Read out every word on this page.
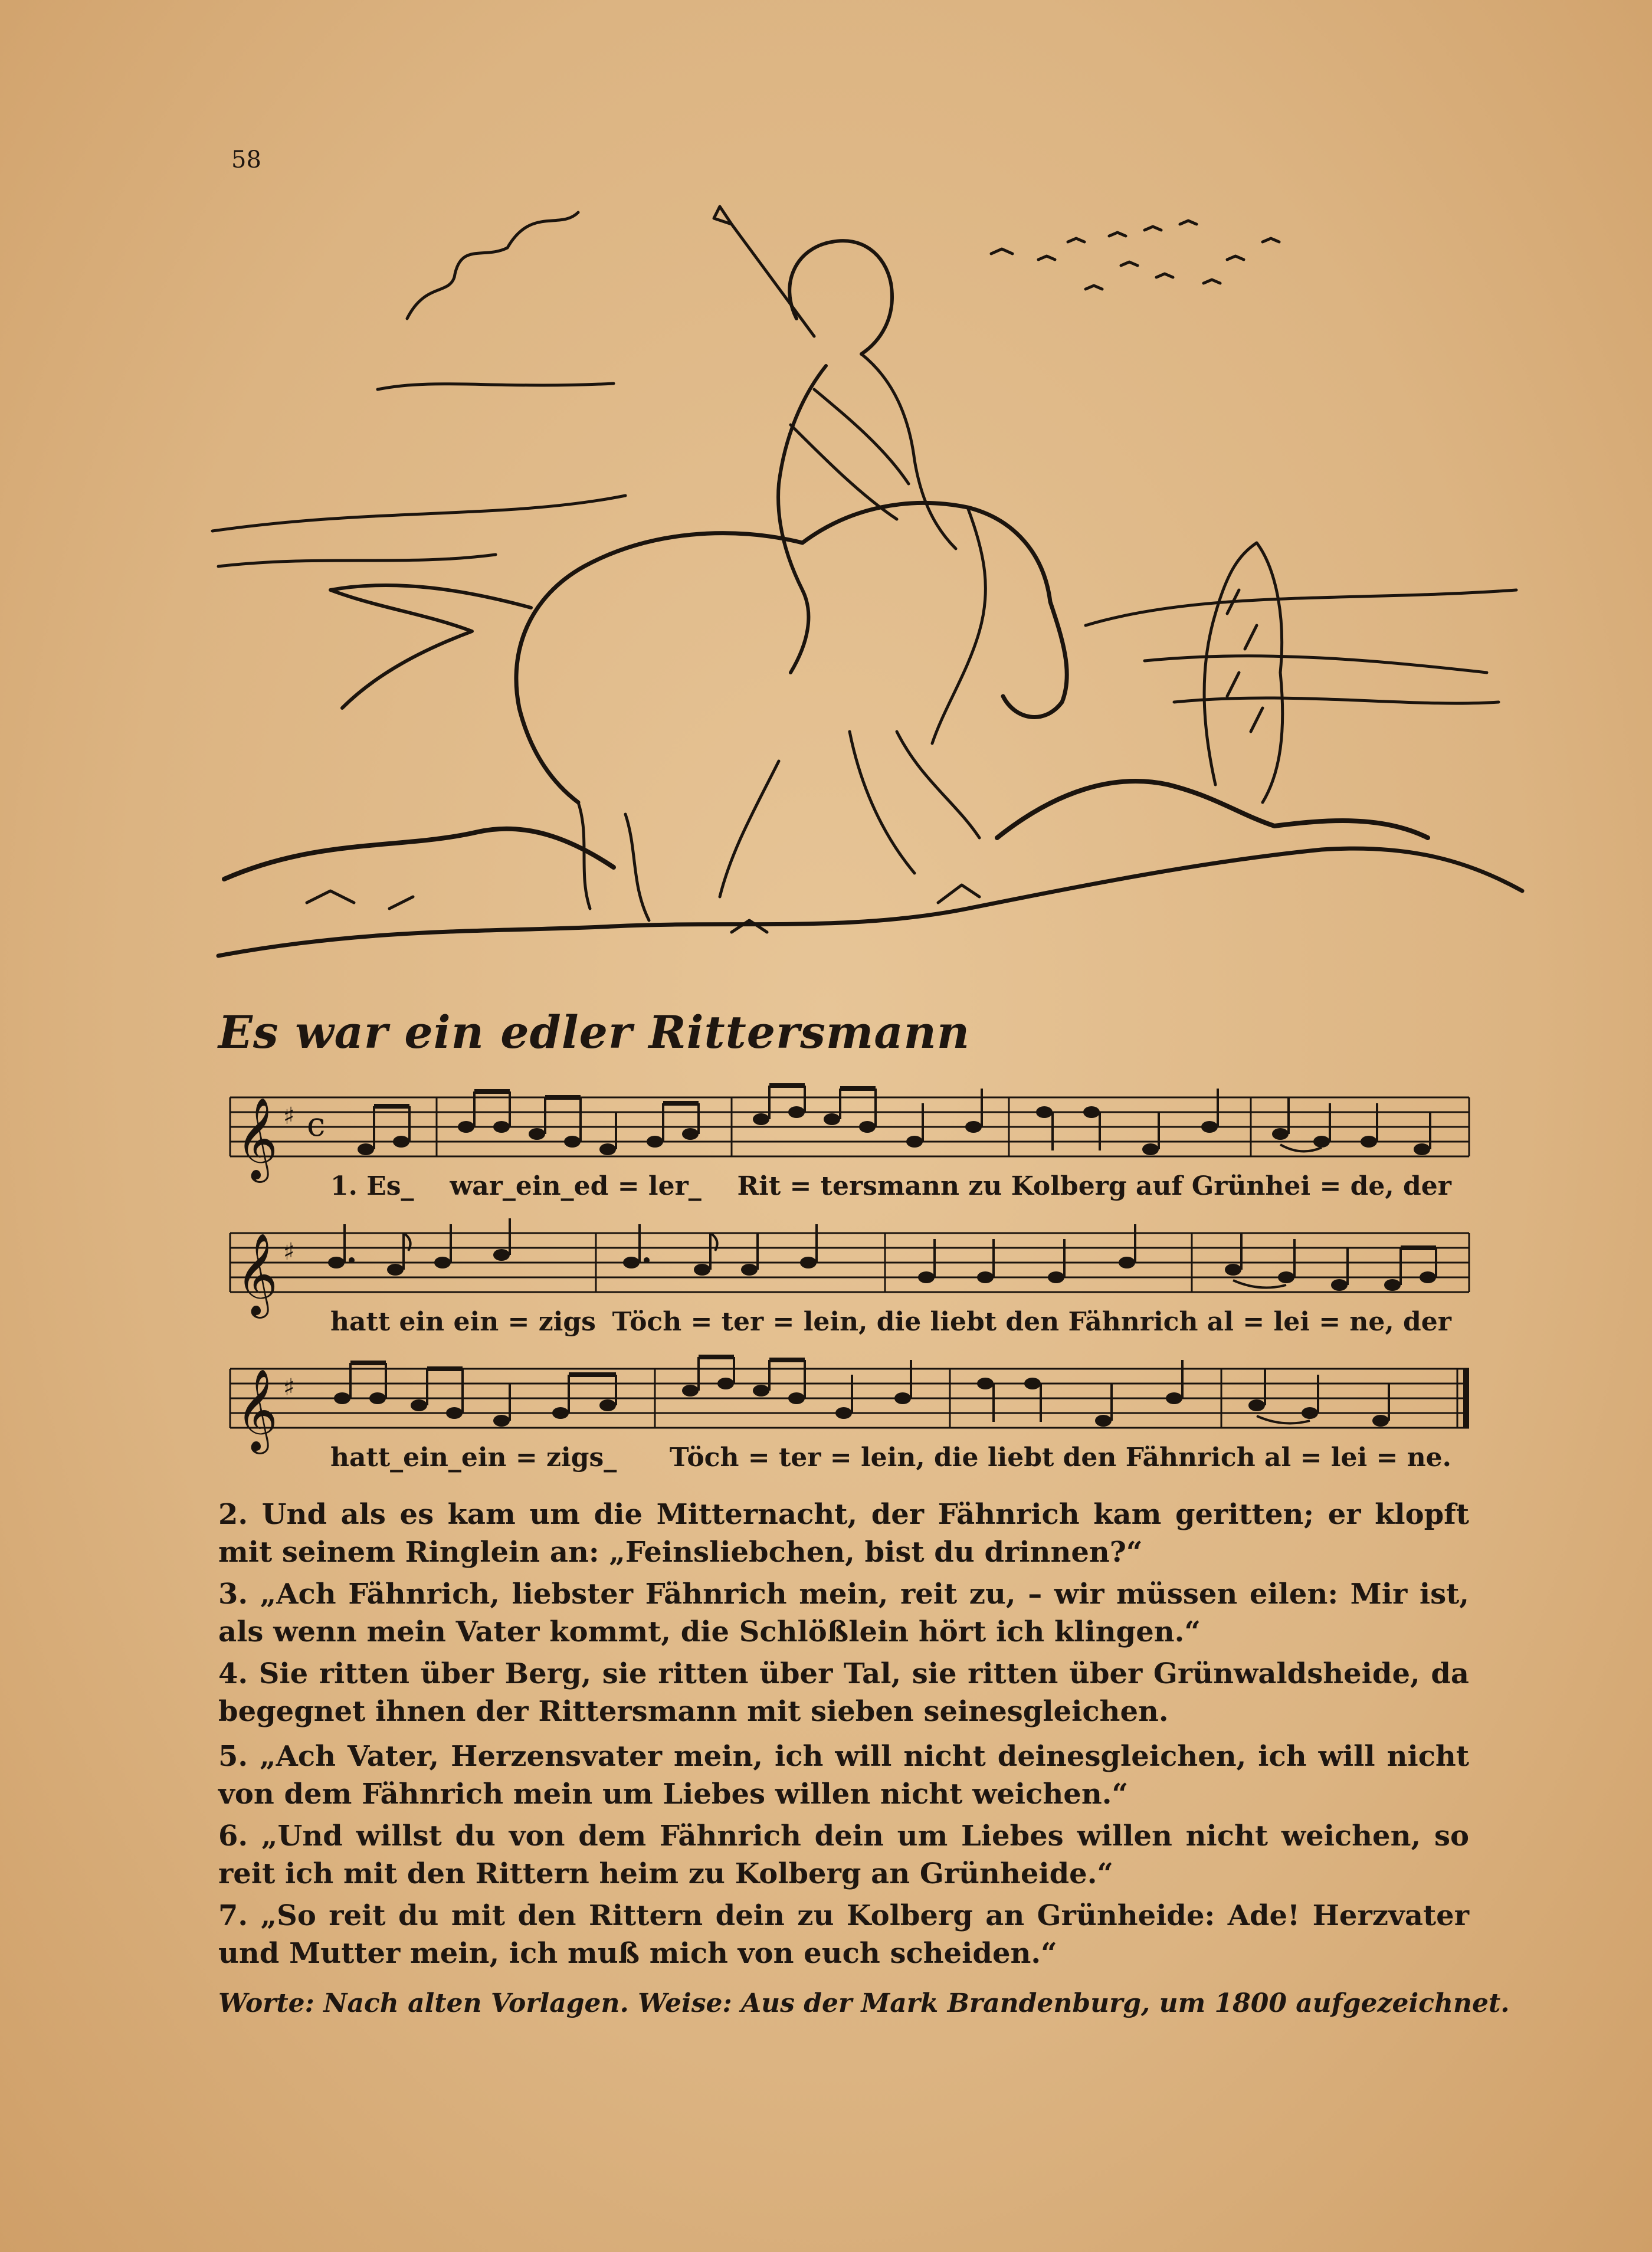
58
Es war ein edler Rittersmann
𝄞 ♯ c
1. Es_ war_ein_ed = ler_ Rit = tersmann zu Kolberg auf Grünhei = de, der
𝄞 ♯
hatt ein ein = zigs Töch = ter = lein, die liebt den Fähnrich al = lei = ne, der
𝄞 ♯
hatt_ein_ein = zigs_ Töch = ter = lein, die liebt den Fähnrich al = lei = ne.
2. Und als es kam um die Mitternacht, der Fähnrich kam geritten; er klopft mit seinem Ringlein an: „Feinsliebchen, bist du drinnen?“
3. „Ach Fähnrich, liebster Fähnrich mein, reit zu, – wir müssen eilen: Mir ist, als wenn mein Vater kommt, die Schlößlein hört ich klingen.“
4. Sie ritten über Berg, sie ritten über Tal, sie ritten über Grünwaldsheide, da begegnet ihnen der Rittersmann mit sieben seinesgleichen.
5. „Ach Vater, Herzensvater mein, ich will nicht deinesgleichen, ich will nicht von dem Fähnrich mein um Liebes willen nicht weichen.“
6. „Und willst du von dem Fähnrich dein um Liebes willen nicht weichen, so reit ich mit den Rittern heim zu Kolberg an Grünheide.“
7. „So reit du mit den Rittern dein zu Kolberg an Grünheide: Ade! Herzvater und Mutter mein, ich muß mich von euch scheiden.“
Worte: Nach alten Vorlagen. Weise: Aus der Mark Brandenburg, um 1800 aufgezeichnet.
